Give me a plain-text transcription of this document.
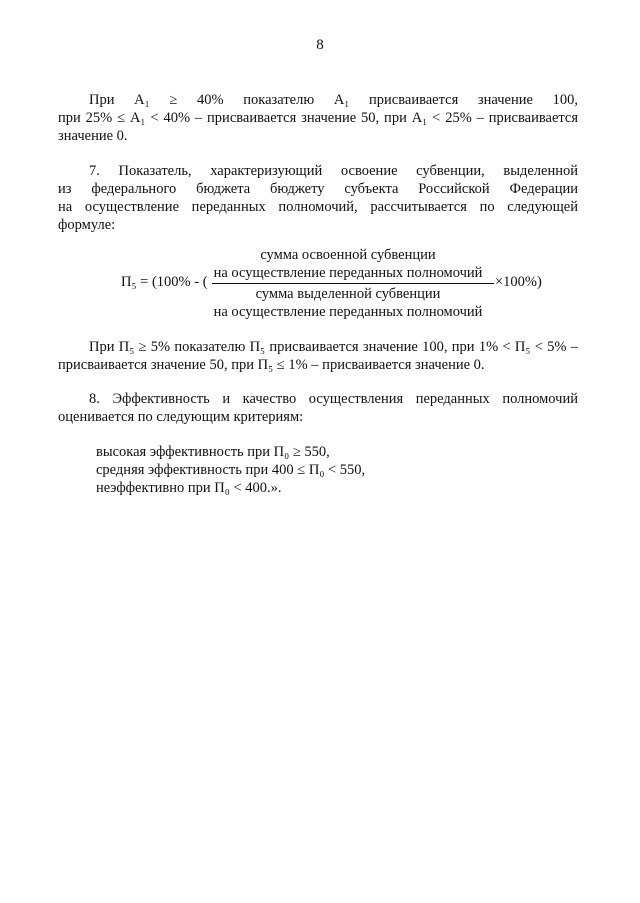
8
При A₁ ≥ 40% показателю A₁ присваивается значение 100,
при 25% ≤ A₁ < 40% – присваивается значение 50, при A₁ < 25% – присваивается
значение 0.
7. Показатель, характеризующий освоение субвенции, выделенной
из федерального бюджета бюджету субъекта Российской Федерации
на осуществление переданных полномочий, рассчитывается по следующей
формуле:
сумма освоенной субвенции
на осуществление переданных полномочий
П₅ = (100% - (	×100%)
сумма выделенной субвенции
на осуществление переданных полномочий
При П₅ ≥ 5% показателю П₅ присваивается значение 100, при 1% < П₅ < 5% –
присваивается значение 50, при П₅ ≤ 1% – присваивается значение 0.
8. Эффективность и качество осуществления переданных полномочий
оценивается по следующим критериям:
высокая эффективность при П₀ ≥ 550,
средняя эффективность при 400 ≤ П₀ < 550,
неэффективно при П₀ < 400.».
